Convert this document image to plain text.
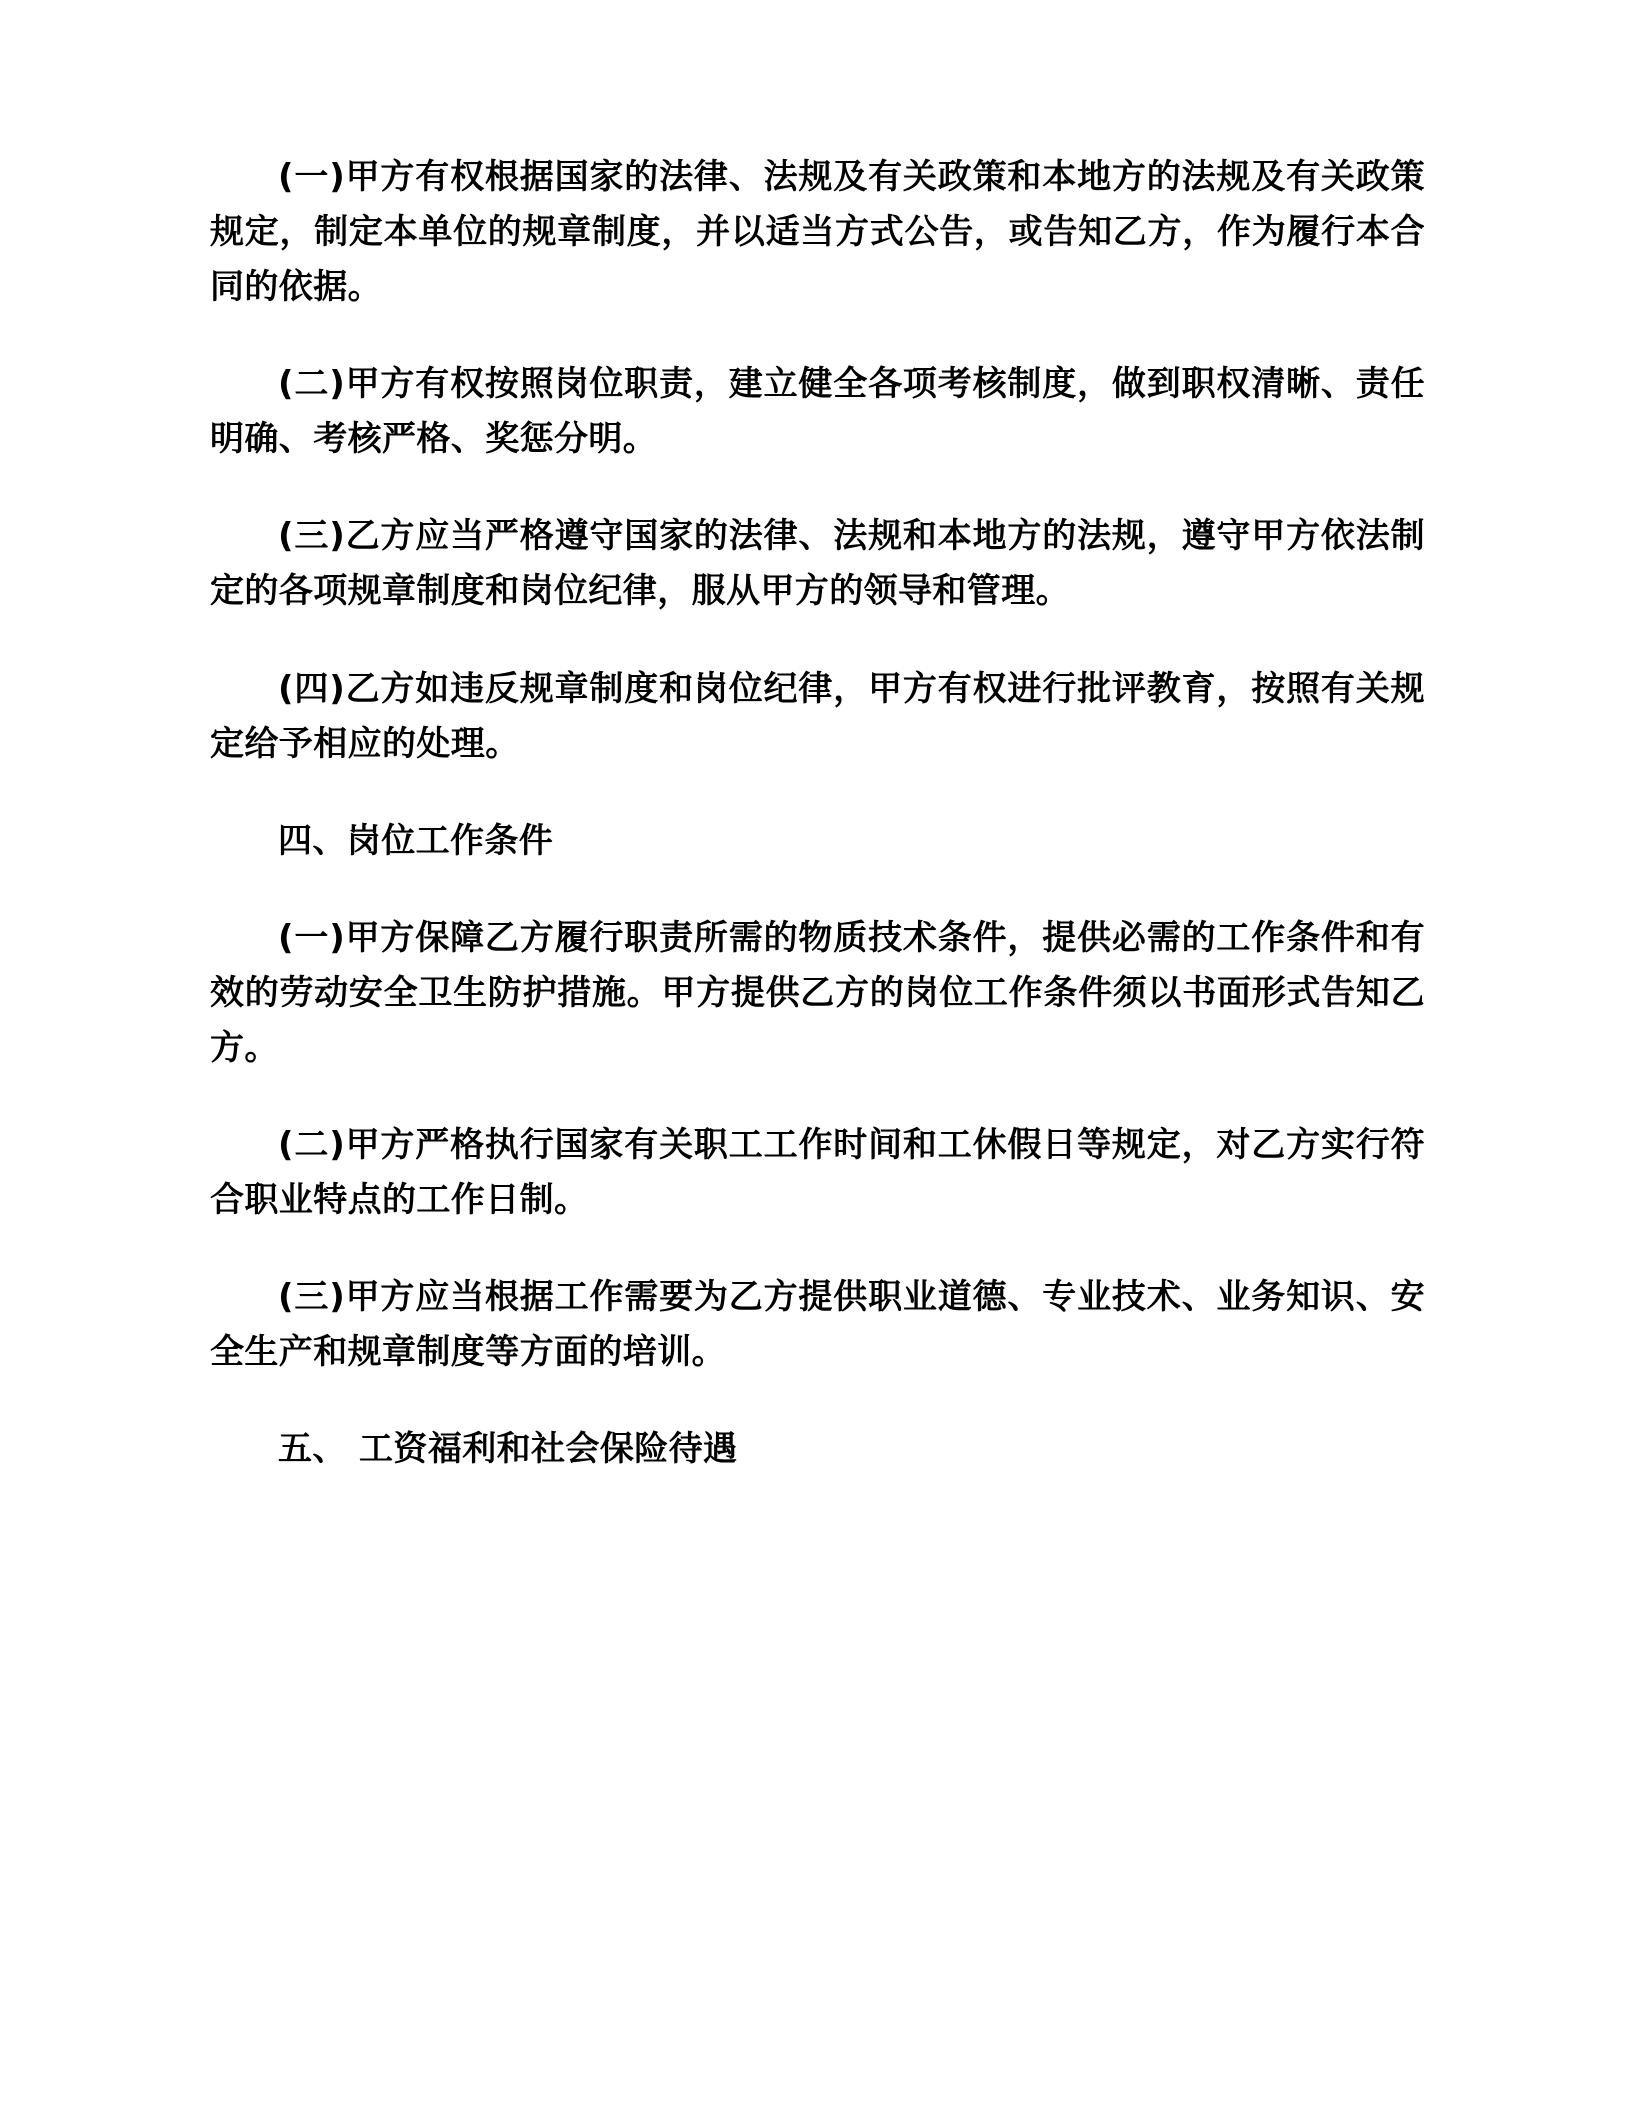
(一)甲方有权根据国家的法律、法规及有关政策和本地方的法规及有关政策规定，制定本单位的规章制度，并以适当方式公告，或告知乙方，作为履行本合同的依据。

(二)甲方有权按照岗位职责，建立健全各项考核制度，做到职权清晰、责任明确、考核严格、奖惩分明。

(三)乙方应当严格遵守国家的法律、法规和本地方的法规，遵守甲方依法制定的各项规章制度和岗位纪律，服从甲方的领导和管理。

(四)乙方如违反规章制度和岗位纪律，甲方有权进行批评教育，按照有关规定给予相应的处理。

四、岗位工作条件

(一)甲方保障乙方履行职责所需的物质技术条件，提供必需的工作条件和有效的劳动安全卫生防护措施。甲方提供乙方的岗位工作条件须以书面形式告知乙方。

(二)甲方严格执行国家有关职工工作时间和工休假日等规定，对乙方实行符合职业特点的工作日制。

(三)甲方应当根据工作需要为乙方提供职业道德、专业技术、业务知识、安全生产和规章制度等方面的培训。

五、 工资福利和社会保险待遇
